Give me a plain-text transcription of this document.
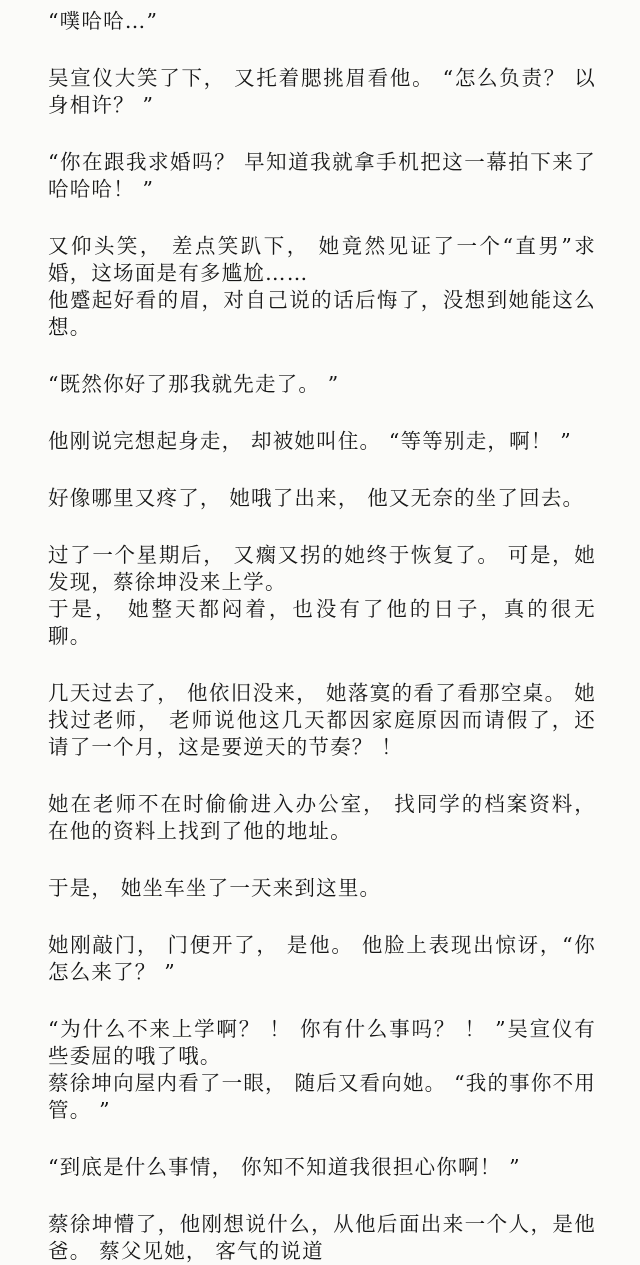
“噗哈哈…”

吴宣仪大笑了下， 又托着腮挑眉看他。 “怎么负责？ 以身相许？ ”

“你在跟我求婚吗？ 早知道我就拿手机把这一幕拍下来了哈哈哈！ ”

又仰头笑， 差点笑趴下， 她竟然见证了一个“直男”求婚，这场面是有多尴尬……

他蹙起好看的眉，对自己说的话后悔了，没想到她能这么想。

“既然你好了那我就先走了。 ”

他刚说完想起身走， 却被她叫住。 “等等别走，啊！ ”

好像哪里又疼了， 她哦了出来， 他又无奈的坐了回去。

过了一个星期后， 又瘸又拐的她终于恢复了。 可是，她发现，蔡徐坤没来上学。

于是， 她整天都闷着，也没有了他的日子，真的很无聊。

几天过去了， 他依旧没来， 她落寞的看了看那空桌。 她找过老师， 老师说他这几天都因家庭原因而请假了，还请了一个月，这是要逆天的节奏？ ！

她在老师不在时偷偷进入办公室， 找同学的档案资料， 在他的资料上找到了他的地址。

于是， 她坐车坐了一天来到这里。

她刚敲门， 门便开了， 是他。 他脸上表现出惊讶，“你怎么来了？ ”

“为什么不来上学啊？ ！ 你有什么事吗？ ！ ”吴宣仪有些委屈的哦了哦。

蔡徐坤向屋内看了一眼， 随后又看向她。 “我的事你不用管。 ”

“到底是什么事情， 你知不知道我很担心你啊！ ”

蔡徐坤懵了，他刚想说什么，从他后面出来一个人，是他爸。 蔡父见她， 客气的说道
